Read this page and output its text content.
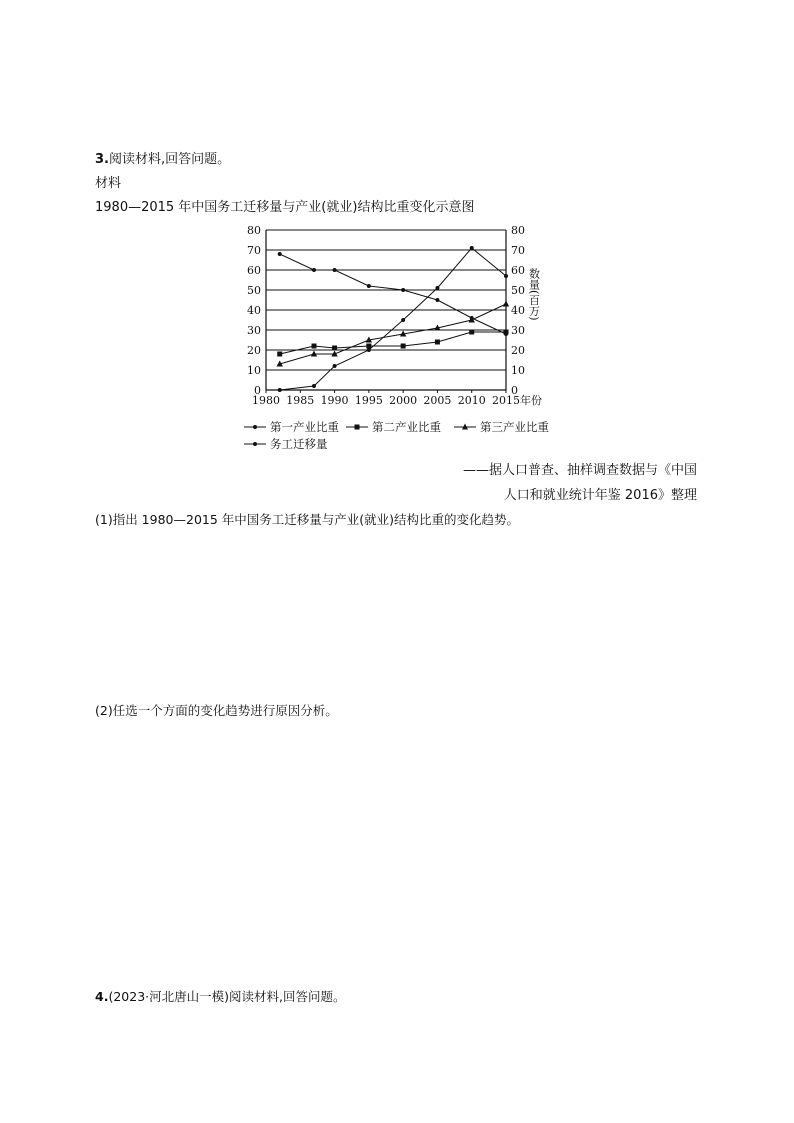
3.阅读材料,回答问题。
材料
1980—2015 年中国务工迁移量与产业(就业)结构比重变化示意图
0	0
10	10
20	20
30	30
40	40
50	50
60	60
70	70
80	80
1980 1985 1990 1995 2000 2005 2010 2015 年份
数量(百万)
第一产业比重	第二产业比重	第三产业比重
务工迁移量
——据人口普查、抽样调查数据与《中国
人口和就业统计年鉴 2016》整理
(1)指出 1980—2015 年中国务工迁移量与产业(就业)结构比重的变化趋势。
(2)任选一个方面的变化趋势进行原因分析。
4.(2023·河北唐山一模)阅读材料,回答问题。
